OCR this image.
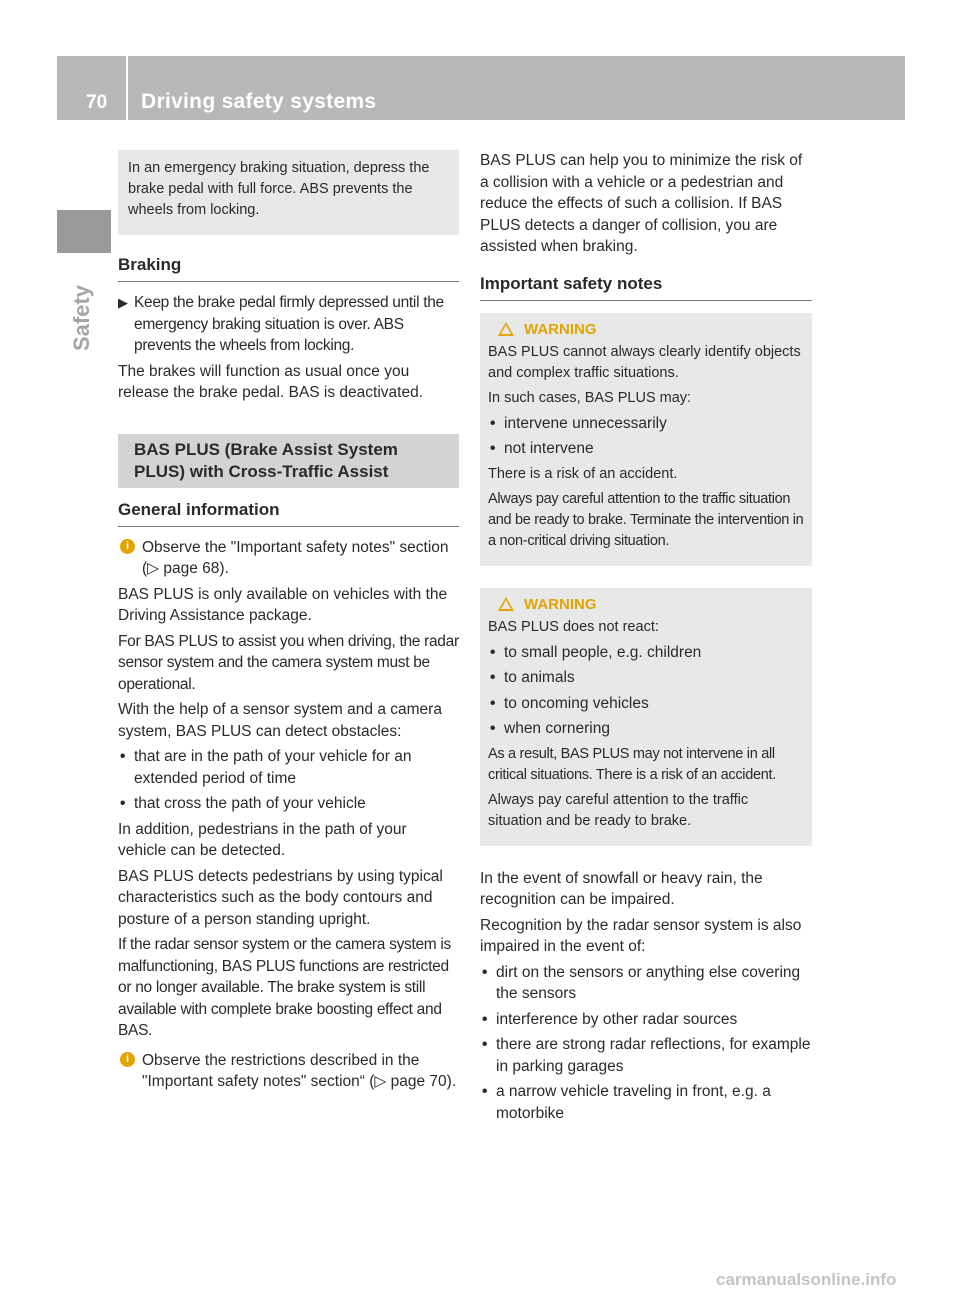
70 Driving safety systems
Safety
In an emergency braking situation, depress the brake pedal with full force. ABS prevents the wheels from locking.
Braking
▶ Keep the brake pedal firmly depressed until the emergency braking situation is over. ABS prevents the wheels from locking.
The brakes will function as usual once you release the brake pedal. BAS is deactivated.
BAS PLUS (Brake Assist System PLUS) with Cross-Traffic Assist
General information
i Observe the "Important safety notes" section (▷ page 68).
BAS PLUS is only available on vehicles with the Driving Assistance package.
For BAS PLUS to assist you when driving, the radar sensor system and the camera system must be operational.
With the help of a sensor system and a camera system, BAS PLUS can detect obstacles:
• that are in the path of your vehicle for an extended period of time
• that cross the path of your vehicle
In addition, pedestrians in the path of your vehicle can be detected.
BAS PLUS detects pedestrians by using typical characteristics such as the body contours and posture of a person standing upright.
If the radar sensor system or the camera system is malfunctioning, BAS PLUS functions are restricted or no longer available. The brake system is still available with complete brake boosting effect and BAS.
i Observe the restrictions described in the "Important safety notes" section“ (▷ page 70).
BAS PLUS can help you to minimize the risk of a collision with a vehicle or a pedestrian and reduce the effects of such a collision. If BAS PLUS detects a danger of collision, you are assisted when braking.
Important safety notes
WARNING
BAS PLUS cannot always clearly identify objects and complex traffic situations.
In such cases, BAS PLUS may:
• intervene unnecessarily
• not intervene
There is a risk of an accident.
Always pay careful attention to the traffic situation and be ready to brake. Terminate the intervention in a non-critical driving situation.
WARNING
BAS PLUS does not react:
• to small people, e.g. children
• to animals
• to oncoming vehicles
• when cornering
As a result, BAS PLUS may not intervene in all critical situations. There is a risk of an accident.
Always pay careful attention to the traffic situation and be ready to brake.
In the event of snowfall or heavy rain, the recognition can be impaired.
Recognition by the radar sensor system is also impaired in the event of:
• dirt on the sensors or anything else covering the sensors
• interference by other radar sources
• there are strong radar reflections, for example in parking garages
• a narrow vehicle traveling in front, e.g. a motorbike
carmanualsonline.info
